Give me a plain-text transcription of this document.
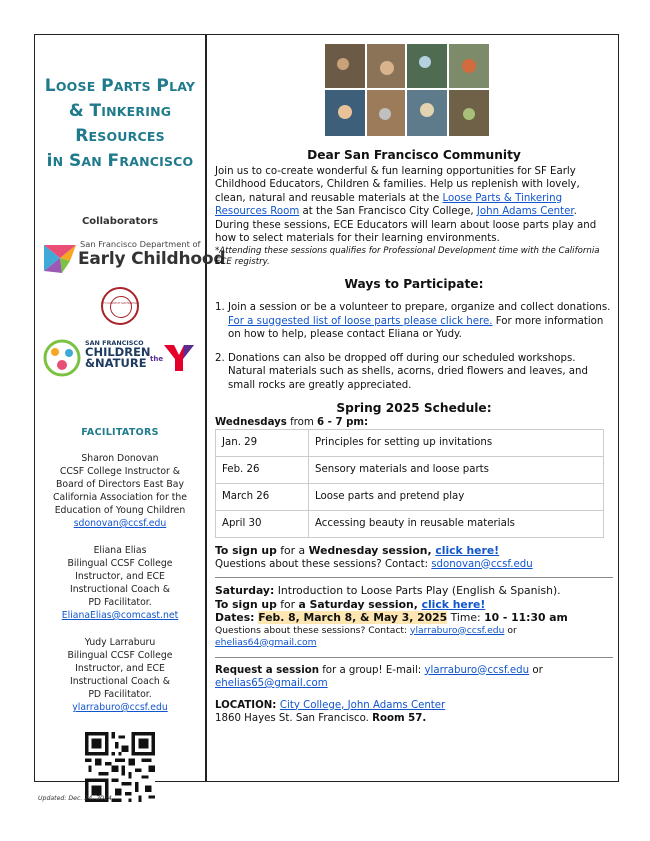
LOOSE PARTS PLAY
& TINKERING
RESOURCES
iN SAN FRANCISCO
Collaborators
San Francisco Department of
Early Childhood
CITY COLLEGE OF SAN FRANCISCO
SAN FRANCISCO
CHILDREN
&NATURE the
FACILITATORS
Sharon Donovan
CCSF College Instructor &
Board of Directors East Bay
California Association for the
Education of Young Children
sdonovan@ccsf.edu
Eliana Elias
Bilingual CCSF College
Instructor, and ECE
Instructional Coach &
PD Facilitator.
ElianaElias@comcast.net
Yudy Larraburu
Bilingual CCSF College
Instructor, and ECE
Instructional Coach &
PD Facilitator.
ylarraburo@ccsf.edu
Dear San Francisco Community
Join us to co-create wonderful & fun learning opportunities for SF Early Childhood Educators, Children & families. Help us replenish with lovely, clean, natural and reusable materials at the Loose Parts & Tinkering Resources Room at the San Francisco City College, John Adams Center.
During these sessions, ECE Educators will learn about loose parts play and how to select materials for their learning environments.
*Attending these sessions qualifies for Professional Development time with the California ECE registry.
Ways to Participate:
1. Join a session or be a volunteer to prepare, organize and collect donations. For a suggested list of loose parts please click here. For more information on how to help, please contact Eliana or Yudy.
2. Donations can also be dropped off during our scheduled workshops. Natural materials such as shells, acorns, dried flowers and leaves, and small rocks are greatly appreciated.
Spring 2025 Schedule:
Wednesdays from 6 - 7 pm:
Jan. 29	Principles for setting up invitations
Feb. 26	Sensory materials and loose parts
March 26	Loose parts and pretend play
April 30	Accessing beauty in reusable materials
To sign up for a Wednesday session, click here!
Questions about these sessions? Contact: sdonovan@ccsf.edu
Saturday: Introduction to Loose Parts Play (English & Spanish).
To sign up for a Saturday session, click here!
Dates: Feb. 8, March 8, & May 3, 2025 Time: 10 - 11:30 am
Questions about these sessions? Contact: ylarraburo@ccsf.edu or ehelias64@gmail.com
Request a session for a group! E-mail: ylarraburo@ccsf.edu or ehelias65@gmail.com
LOCATION: City College, John Adams Center
1860 Hayes St. San Francisco. Room 57.
Updated: Dec. 24, 2024
